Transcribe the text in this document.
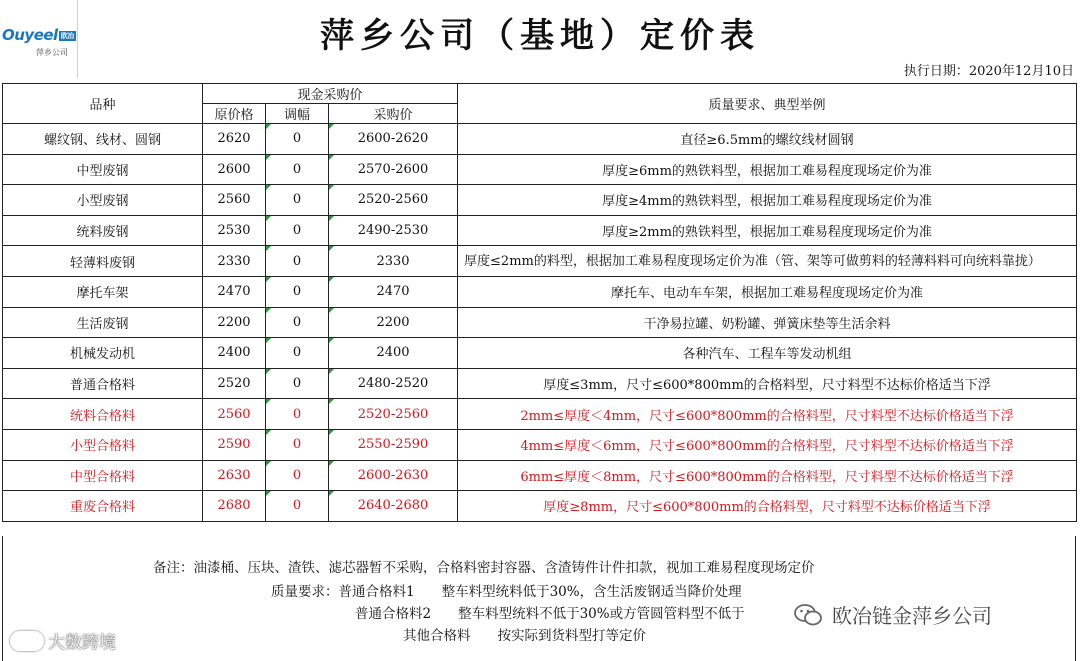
Ouyeel 欧冶
萍乡公司	萍乡公司（基地）定价表
执行日期：2020年12月10日
品种	现金采购价			质量要求、典型举例
	原价格	调幅	采购价	
螺纹钢、线材、圆钢	2620	0	2600-2620	直径≥6.5mm的螺纹线材圆钢
中型废钢	2600	0	2570-2600	厚度≥6mm的熟铁料型，根据加工难易程度现场定价为准
小型废钢	2560	0	2520-2560	厚度≥4mm的熟铁料型，根据加工难易程度现场定价为准
统料废钢	2530	0	2490-2530	厚度≥2mm的熟铁料型，根据加工难易程度现场定价为准
轻薄料废钢	2330	0	2330	厚度≤2mm的料型，根据加工难易程度现场定价为准（管、架等可做剪料的轻薄料料可向统料靠拢）
摩托车架	2470	0	2470	摩托车、电动车车架，根据加工难易程度现场定价为准
生活废钢	2200	0	2200	干净易拉罐、奶粉罐、弹簧床垫等生活余料
机械发动机	2400	0	2400	各种汽车、工程车等发动机组
普通合格料	2520	0	2480-2520	厚度≤3mm，尺寸≤600*800mm的合格料型，尺寸料型不达标价格适当下浮
统料合格料	2560	0	2520-2560	2mm≤厚度＜4mm，尺寸≤600*800mm的合格料型，尺寸料型不达标价格适当下浮
小型合格料	2590	0	2550-2590	4mm≤厚度＜6mm，尺寸≤600*800mm的合格料型，尺寸料型不达标价格适当下浮
中型合格料	2630	0	2600-2630	6mm≤厚度＜8mm，尺寸≤600*800mm的合格料型，尺寸料型不达标价格适当下浮
重废合格料	2680	0	2640-2680	厚度≥8mm，尺寸≤600*800mm的合格料型，尺寸料型不达标价格适当下浮
备注：油漆桶、压块、渣铁、滤芯器暂不采购，合格料密封容器、含渣铸件计件扣款，视加工难易程度现场定价
质量要求：普通合格料1　　整车料型统料低于30%，含生活废钢适当降价处理
普通合格料2　　整车料型统料不低于30%或方管圆管料型不低于
其他合格料　　按实际到货料型打等定价
大数跨境
欧冶链金萍乡公司
